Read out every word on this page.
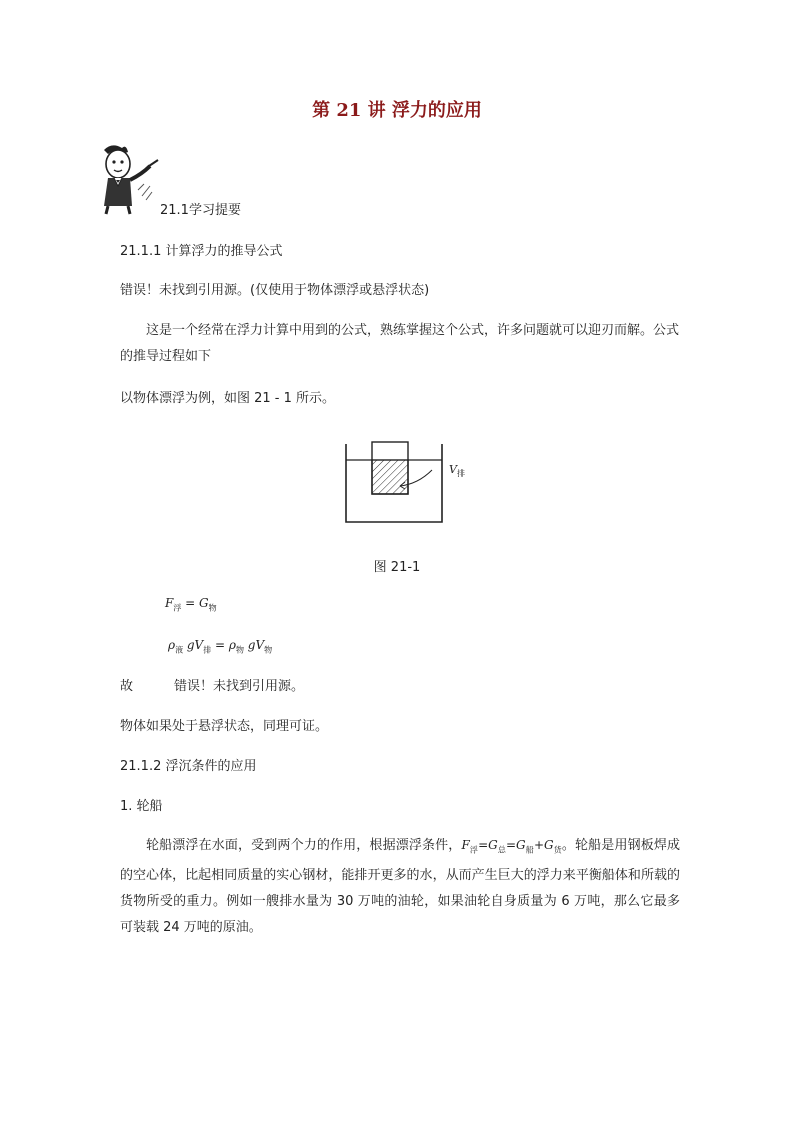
第 21 讲 浮力的应用
21.1学习提要
21.1.1 计算浮力的推导公式
错误！未找到引用源。(仅使用于物体漂浮或悬浮状态)
这是一个经常在浮力计算中用到的公式，熟练掌握这个公式，许多问题就可以迎刃而解。公式的推导过程如下
以物体漂浮为例，如图 21 - 1 所示。
$V_排$
图 21-1
$F_浮 = G_物$
$\rho_液$ $gV_排 = \rho_物$ $gV_物$
故	错误！未找到引用源。
物体如果处于悬浮状态，同理可证。
21.1.2 浮沉条件的应用
1. 轮船
轮船漂浮在水面，受到两个力的作用，根据漂浮条件，$F_浮=G_总=G_船+G_货$。轮船是用钢板焊成的空心体，比起相同质量的实心钢材，能排开更多的水，从而产生巨大的浮力来平衡船体和所载的货物所受的重力。例如一艘排水量为 30 万吨的油轮，如果油轮自身质量为 6 万吨，那么它最多可装载 24 万吨的原油。
